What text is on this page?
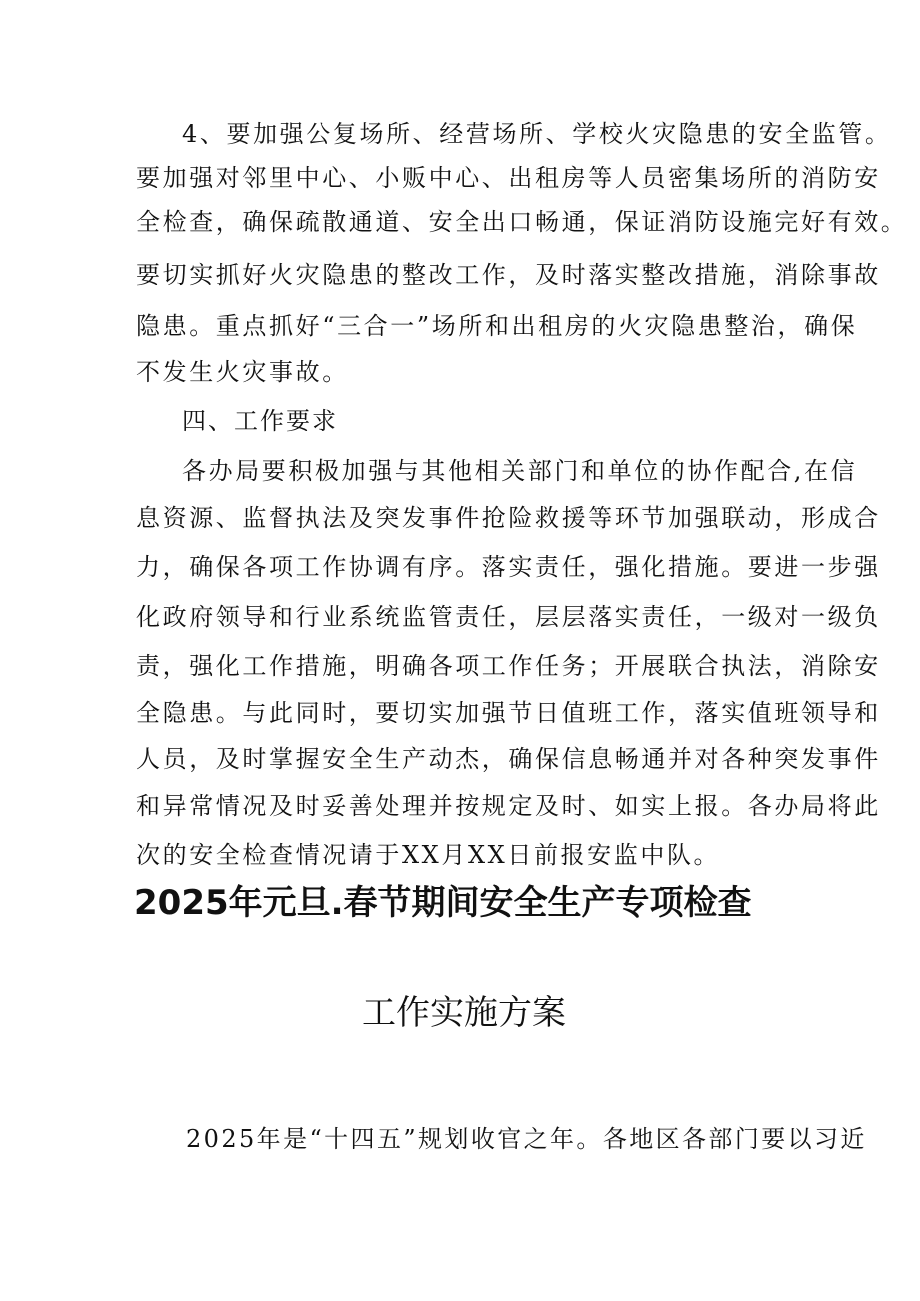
4、要加强公复场所、经营场所、学校火灾隐患的安全监管。
要加强对邻里中心、小贩中心、出租房等人员密集场所的消防安
全检查，确保疏散通道、安全出口畅通，保证消防设施完好有效。
要切实抓好火灾隐患的整改工作，及时落实整改措施，消除事故
隐患。重点抓好“三合一”场所和出租房的火灾隐患整治，确保
不发生火灾事故。
四、工作要求
各办局要积极加强与其他相关部门和单位的协作配合,在信
息资源、监督执法及突发事件抢险救援等环节加强联动，形成合
力，确保各项工作协调有序。落实责任，强化措施。要进一步强
化政府领导和行业系统监管责任，层层落实责任，一级对一级负
责，强化工作措施，明确各项工作任务；开展联合执法，消除安
全隐患。与此同时，要切实加强节日值班工作，落实值班领导和
人员，及时掌握安全生产动杰，确保信息畅通并对各种突发事件
和异常情况及时妥善处理并按规定及时、如实上报。各办局将此
次的安全检查情况请于XX月XX日前报安监中队。
2025年元旦.春节期间安全生产专项检查
工作实施方案
2025年是“十四五”规划收官之年。各地区各部门要以习近
